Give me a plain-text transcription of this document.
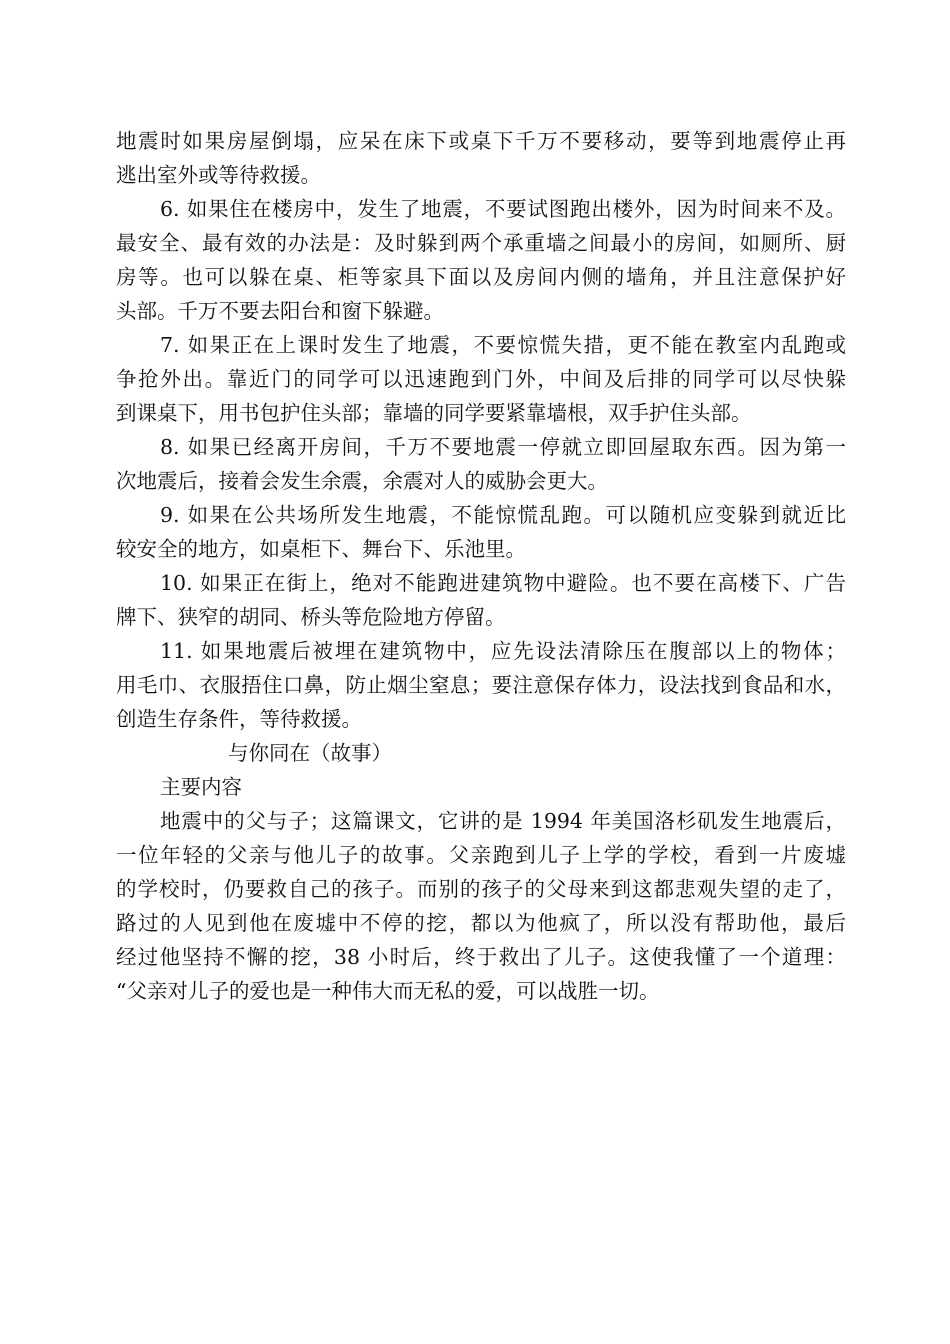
地震时如果房屋倒塌，应呆在床下或桌下千万不要移动，要等到地震停止再
逃出室外或等待救援。
6. 如果住在楼房中，发生了地震，不要试图跑出楼外，因为时间来不及。
最安全、最有效的办法是：及时躲到两个承重墙之间最小的房间，如厕所、厨
房等。也可以躲在桌、柜等家具下面以及房间内侧的墙角，并且注意保护好
头部。千万不要去阳台和窗下躲避。
7. 如果正在上课时发生了地震，不要惊慌失措，更不能在教室内乱跑或
争抢外出。靠近门的同学可以迅速跑到门外，中间及后排的同学可以尽快躲
到课桌下，用书包护住头部；靠墙的同学要紧靠墙根，双手护住头部。
8. 如果已经离开房间，千万不要地震一停就立即回屋取东西。因为第一
次地震后，接着会发生余震，余震对人的威胁会更大。
9. 如果在公共场所发生地震，不能惊慌乱跑。可以随机应变躲到就近比
较安全的地方，如桌柜下、舞台下、乐池里。
10. 如果正在街上，绝对不能跑进建筑物中避险。也不要在高楼下、广告
牌下、狭窄的胡同、桥头等危险地方停留。
11. 如果地震后被埋在建筑物中，应先设法清除压在腹部以上的物体；
用毛巾、衣服捂住口鼻，防止烟尘窒息；要注意保存体力，设法找到食品和水，
创造生存条件，等待救援。
与你同在（故事）
主要内容
地震中的父与子；这篇课文，它讲的是 1994 年美国洛杉矶发生地震后，
一位年轻的父亲与他儿子的故事。父亲跑到儿子上学的学校，看到一片废墟
的学校时，仍要救自己的孩子。而别的孩子的父母来到这都悲观失望的走了，
路过的人见到他在废墟中不停的挖，都以为他疯了，所以没有帮助他，最后
经过他坚持不懈的挖，38 小时后，终于救出了儿子。这使我懂了一个道理：
“父亲对儿子的爱也是一种伟大而无私的爱，可以战胜一切。
